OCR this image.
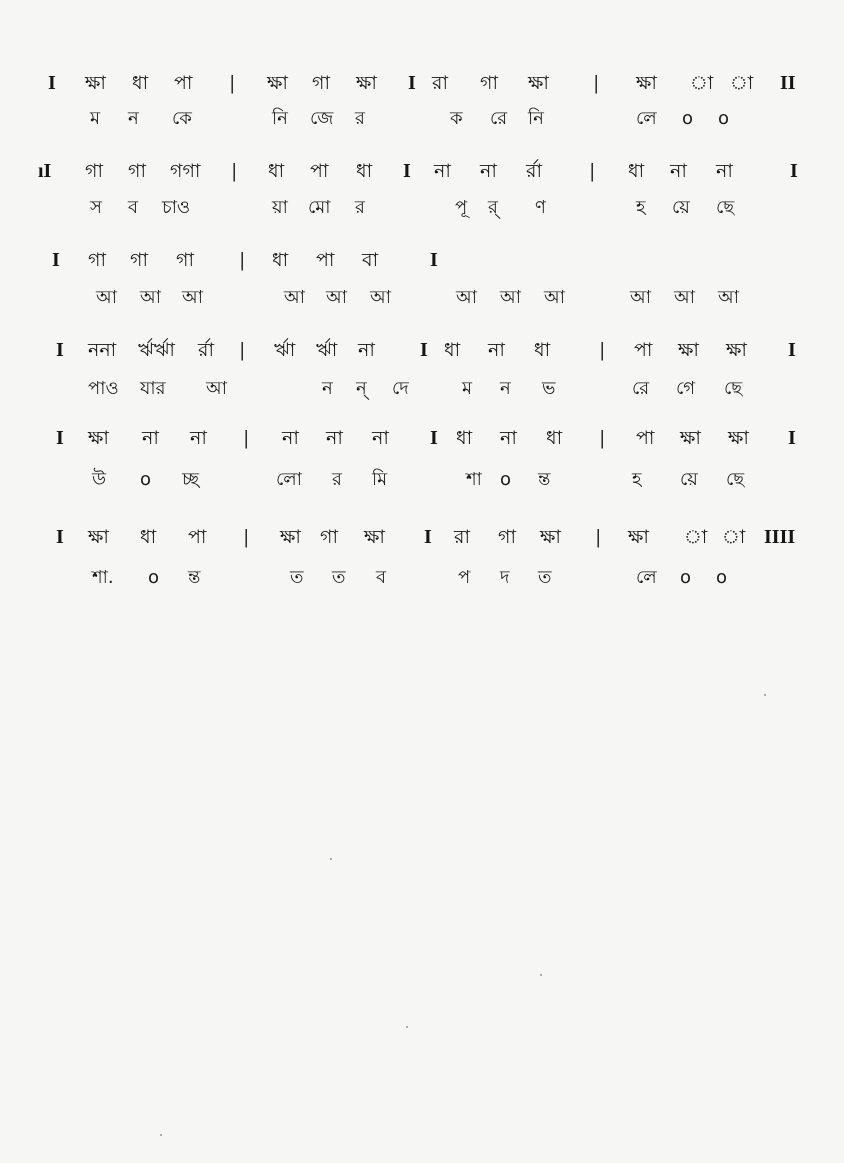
I ক্ষা ধা পা | ক্ষা গা ক্ষা I রা গা ক্ষা | ক্ষা া া II
ম ন কে	নি জে র	ক রে নি	লে o o
ıI গা গা গগা | ধা পা ধা I না না র্রা | ধা না না	I
স ব চাও	য়া মো র	পূ র্ ণ	হ য়ে ছে
I গা গা গা | ধা পা বা	I
আ আ আ	আ আ আ	আ আ আ	আ আ আ
I ননা র্ঋর্ঋা র্রা | র্ঋা র্ঋা না I ধা না ধা | পা ক্ষা ক্ষা I
পাও যার আ	ন ন্ দে	ম ন ভ	রে গে ছে
I ক্ষা না না | না না না I ধা না ধা | পা ক্ষা ক্ষা I
উ o চ্ছ	লো র মি	শা o ন্ত	হ য়ে ছে
I ক্ষা ধা পা | ক্ষা গা ক্ষা I রা গা ক্ষা | ক্ষা া া IIII
শা. o ন্ত	ত ত ব	প দ ত	লে o o
